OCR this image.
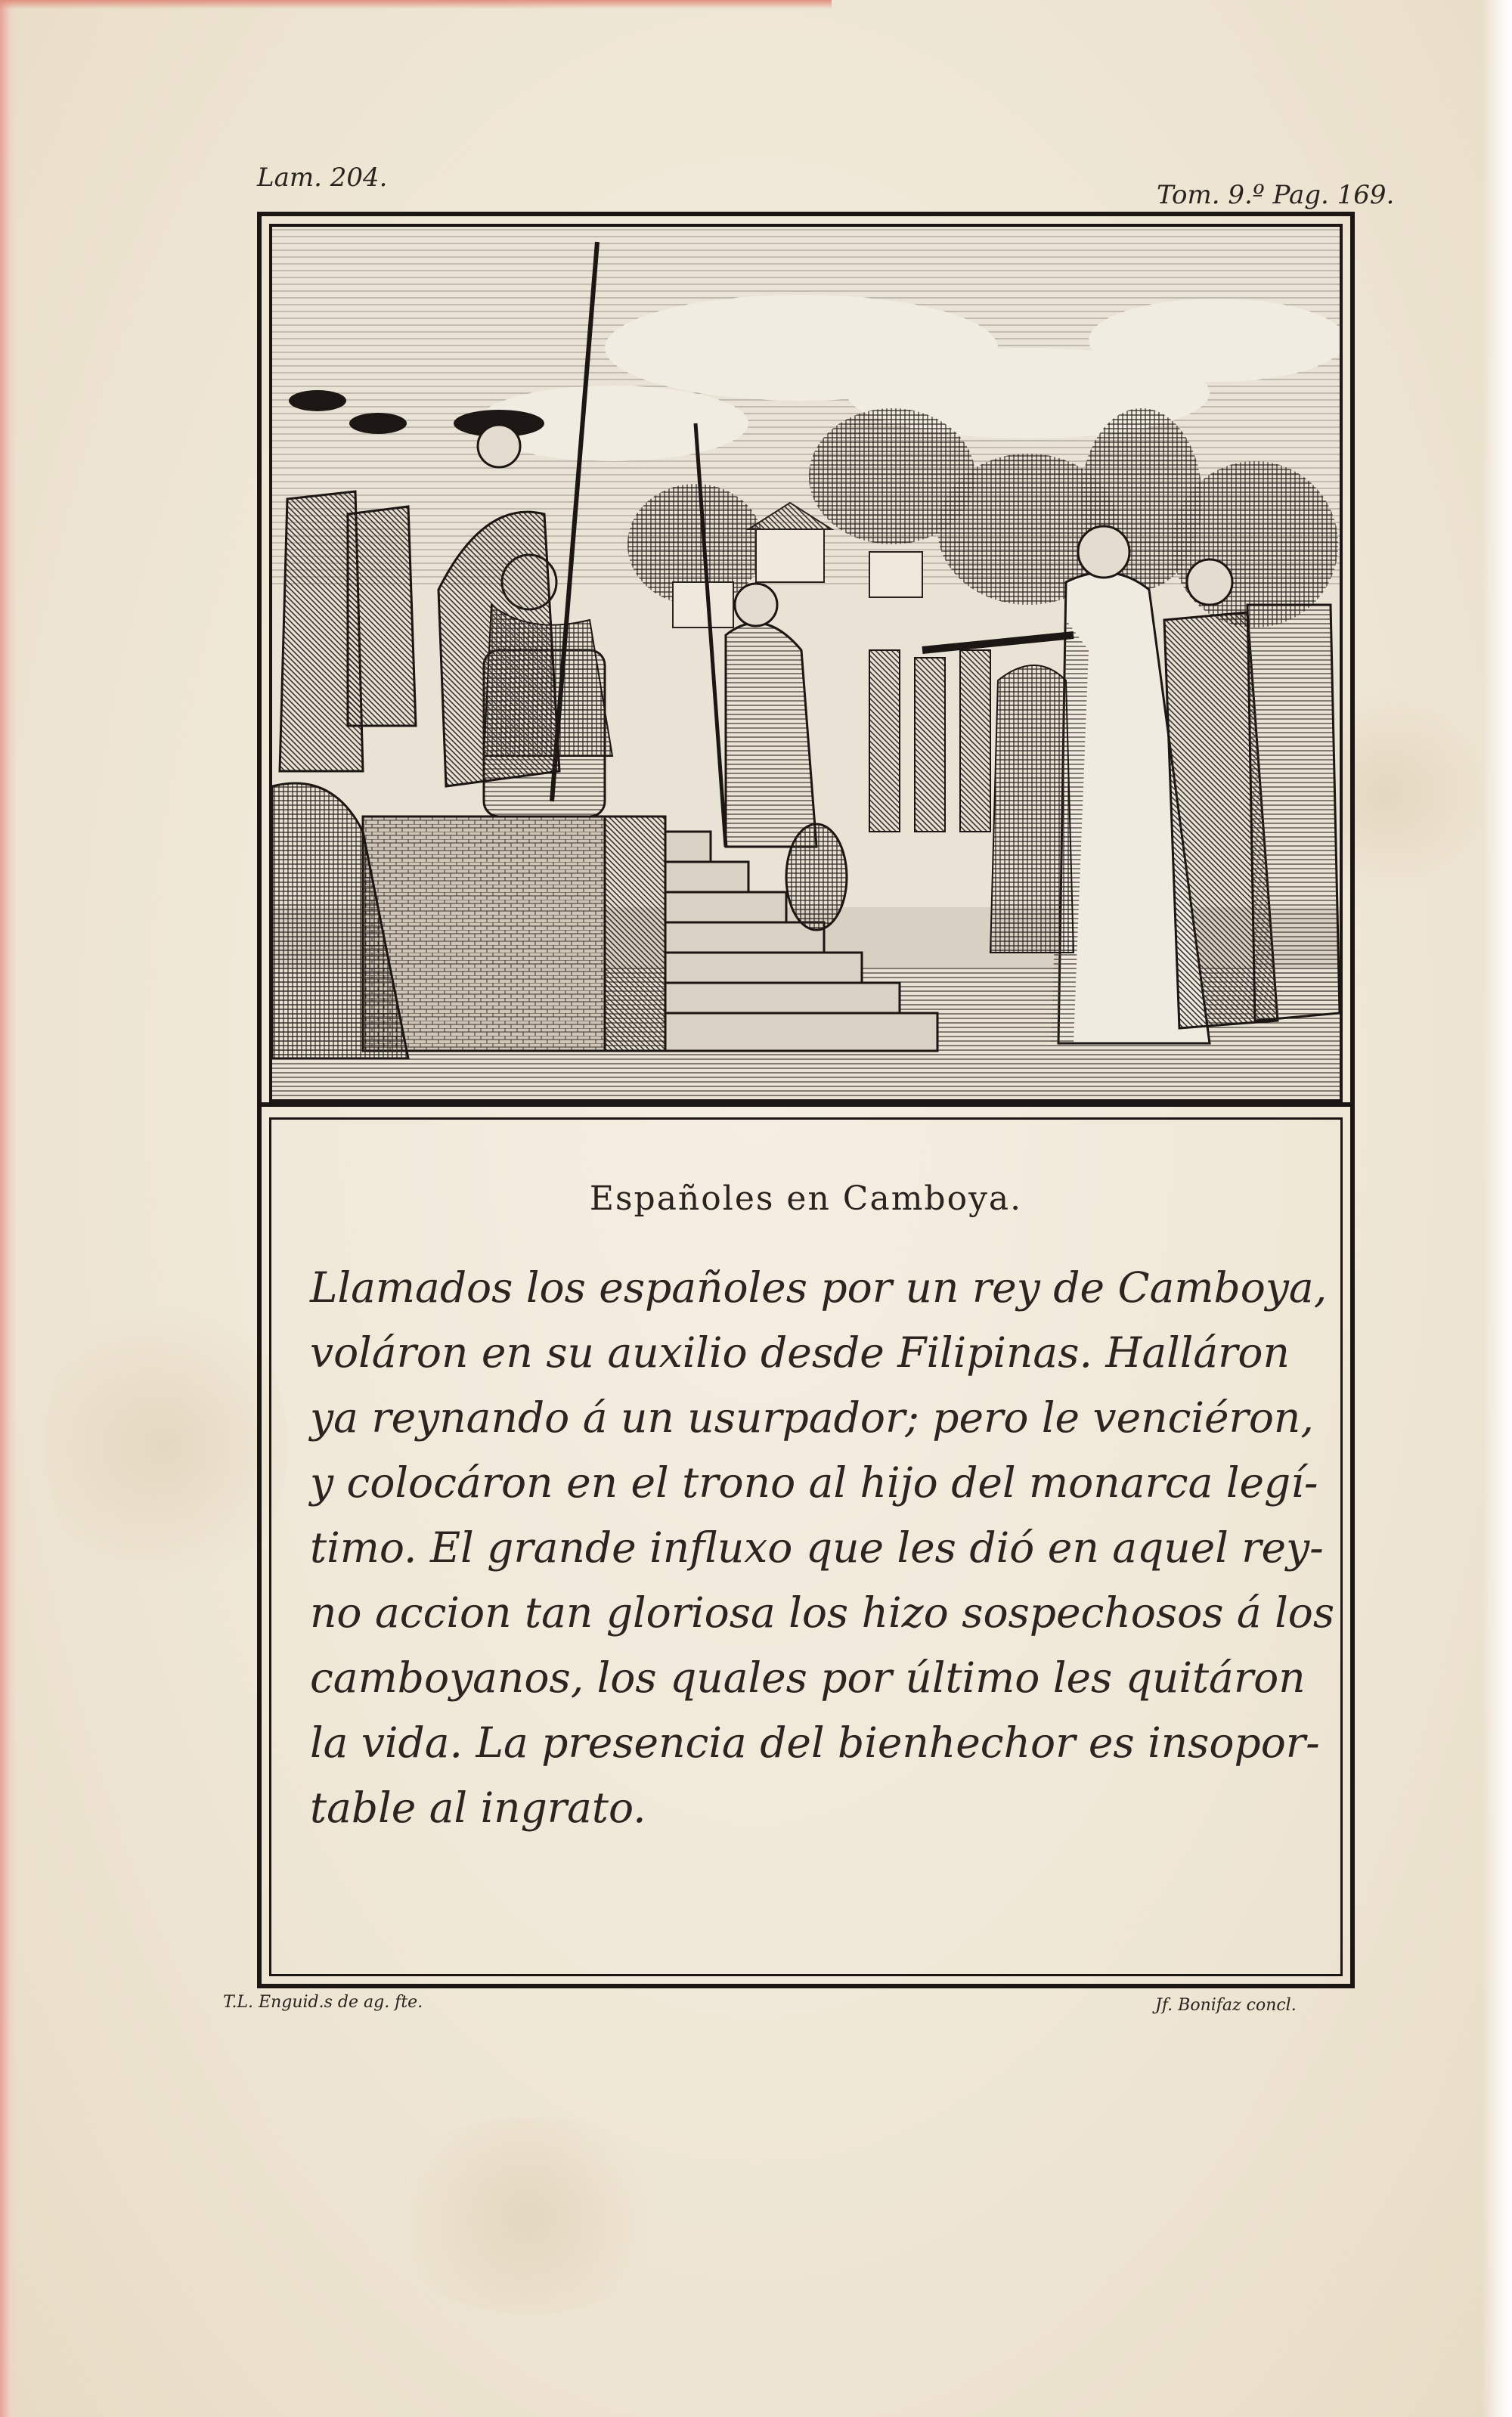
Lam. 204.
Tom. 9.º Pag. 169.
Españoles en Camboya.
Llamados los españoles por un rey de Camboya,
voláron en su auxilio desde Filipinas. Halláron
ya reynando á un usurpador; pero le venciéron,
y colocáron en el trono al hijo del monarca legí-
timo. El grande influxo que les dió en aquel rey-
no accion tan gloriosa los hizo sospechosos á los
camboyanos, los quales por último les quitáron
la vida. La presencia del bienhechor es insopor-
table al ingrato.
T.L. Enguid.s de ag. fte.	Jf. Bonifaz concl.
